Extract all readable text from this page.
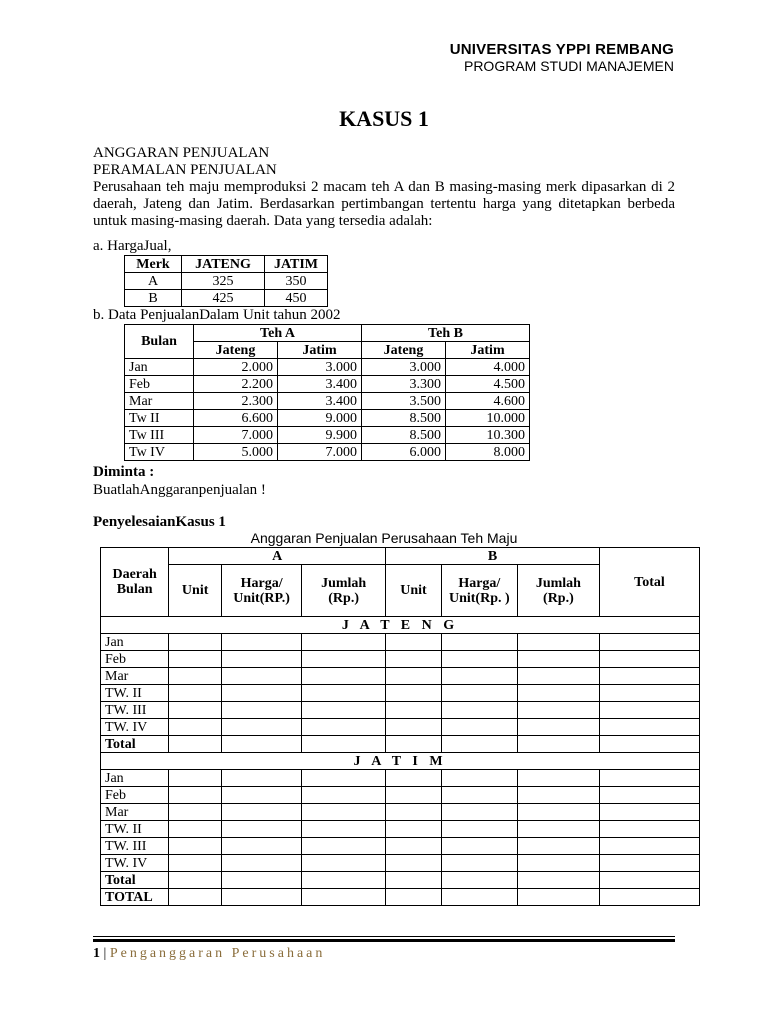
UNIVERSITAS YPPI REMBANG
PROGRAM STUDI MANAJEMEN
KASUS 1
ANGGARAN PENJUALAN
PERAMALAN PENJUALAN
Perusahaan teh maju memproduksi 2 macam teh A dan B masing-masing merk dipasarkan di 2 daerah, Jateng dan Jatim. Berdasarkan pertimbangan tertentu harga yang ditetapkan berbeda untuk masing-masing daerah. Data yang tersedia adalah:
a. HargaJual,
Merk	JATENG	JATIM
A	325	350
B	425	450
b. Data PenjualanDalam Unit tahun 2002
Bulan	Teh A		Teh B	
	Jateng	Jatim	Jateng	Jatim
Jan	2.000	3.000	3.000	4.000
Feb	2.200	3.400	3.300	4.500
Mar	2.300	3.400	3.500	4.600
Tw II	6.600	9.000	8.500	10.000
Tw III	7.000	9.900	8.500	10.300
Tw IV	5.000	7.000	6.000	8.000
Diminta :
BuatlahAnggaranpenjualan !
PenyelesaianKasus 1
Anggaran Penjualan Perusahaan Teh Maju
Daerah Bulan	A			B			Total
	Unit	Harga/ Unit(RP.)	Jumlah (Rp.)	Unit	Harga/ Unit(Rp. )	Jumlah (Rp.)	
J A T E N G							
Jan							
Feb							
Mar							
TW. II							
TW. III							
TW. IV							
Total							
J A T I M							
Jan							
Feb							
Mar							
TW. II							
TW. III							
TW. IV							
Total							
TOTAL							
1 | Penganggaran Perusahaan
